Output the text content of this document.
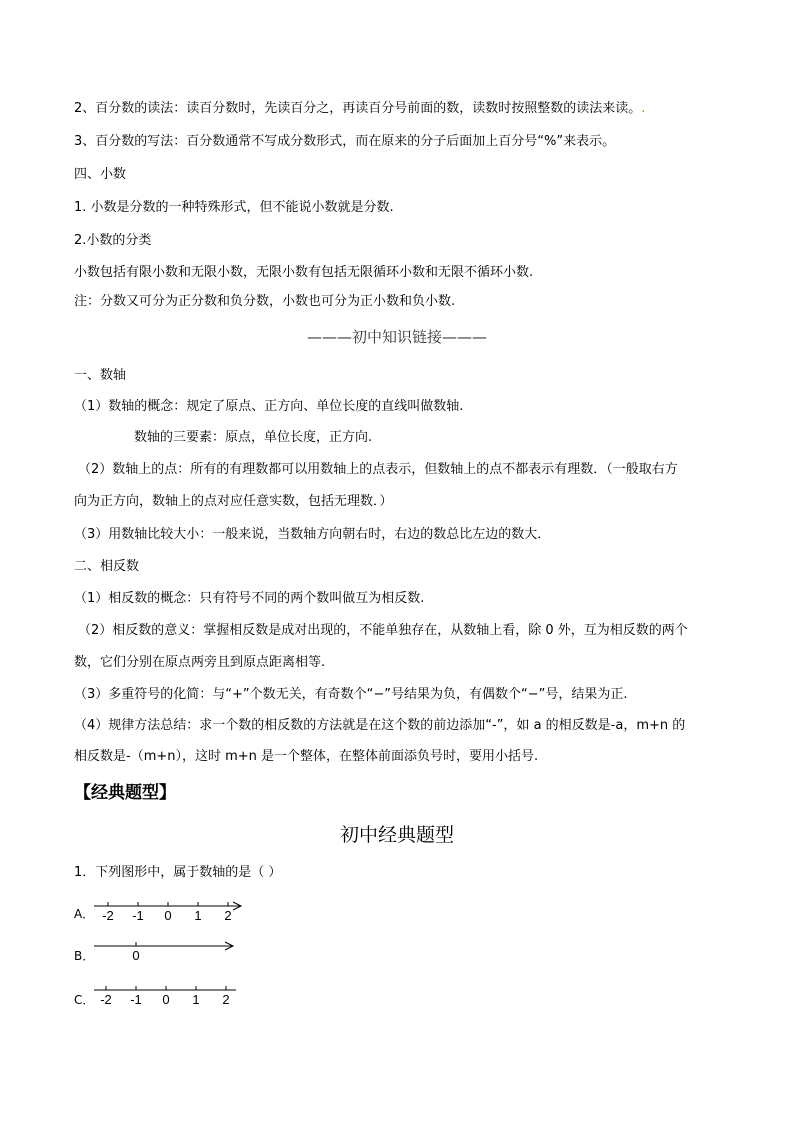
2、百分数的读法：读百分数时，先读百分之，再读百分号前面的数，读数时按照整数的读法来读。.
3、百分数的写法：百分数通常不写成分数形式，而在原来的分子后面加上百分号“%”来表示。
四、小数
1. 小数是分数的一种特殊形式，但不能说小数就是分数.
2.小数的分类
小数包括有限小数和无限小数，无限小数有包括无限循环小数和无限不循环小数.
注：分数又可分为正分数和负分数，小数也可分为正小数和负小数.
———初中知识链接———
一、数轴
（1）数轴的概念：规定了原点、正方向、单位长度的直线叫做数轴.
数轴的三要素：原点，单位长度，正方向.
（2）数轴上的点：所有的有理数都可以用数轴上的点表示，但数轴上的点不都表示有理数．（一般取右方
向为正方向，数轴上的点对应任意实数，包括无理数．）
（3）用数轴比较大小：一般来说，当数轴方向朝右时，右边的数总比左边的数大．
二、相反数
（1）相反数的概念：只有符号不同的两个数叫做互为相反数.
（2）相反数的意义：掌握相反数是成对出现的，不能单独存在，从数轴上看，除 0 外，互为相反数的两个
数，它们分别在原点两旁且到原点距离相等.
（3）多重符号的化简：与“+”个数无关，有奇数个“−”号结果为负，有偶数个“−”号，结果为正.
（4）规律方法总结：求一个数的相反数的方法就是在这个数的前边添加“-”，如 a 的相反数是-a，m+n 的
相反数是-（m+n），这时 m+n 是一个整体，在整体前面添负号时，要用小括号.
【经典题型】
初中经典题型
1．下列图形中，属于数轴的是（ ）
A．
B．
C．
-2 -1 0 1 2
0
-2 -1 0 1 2
